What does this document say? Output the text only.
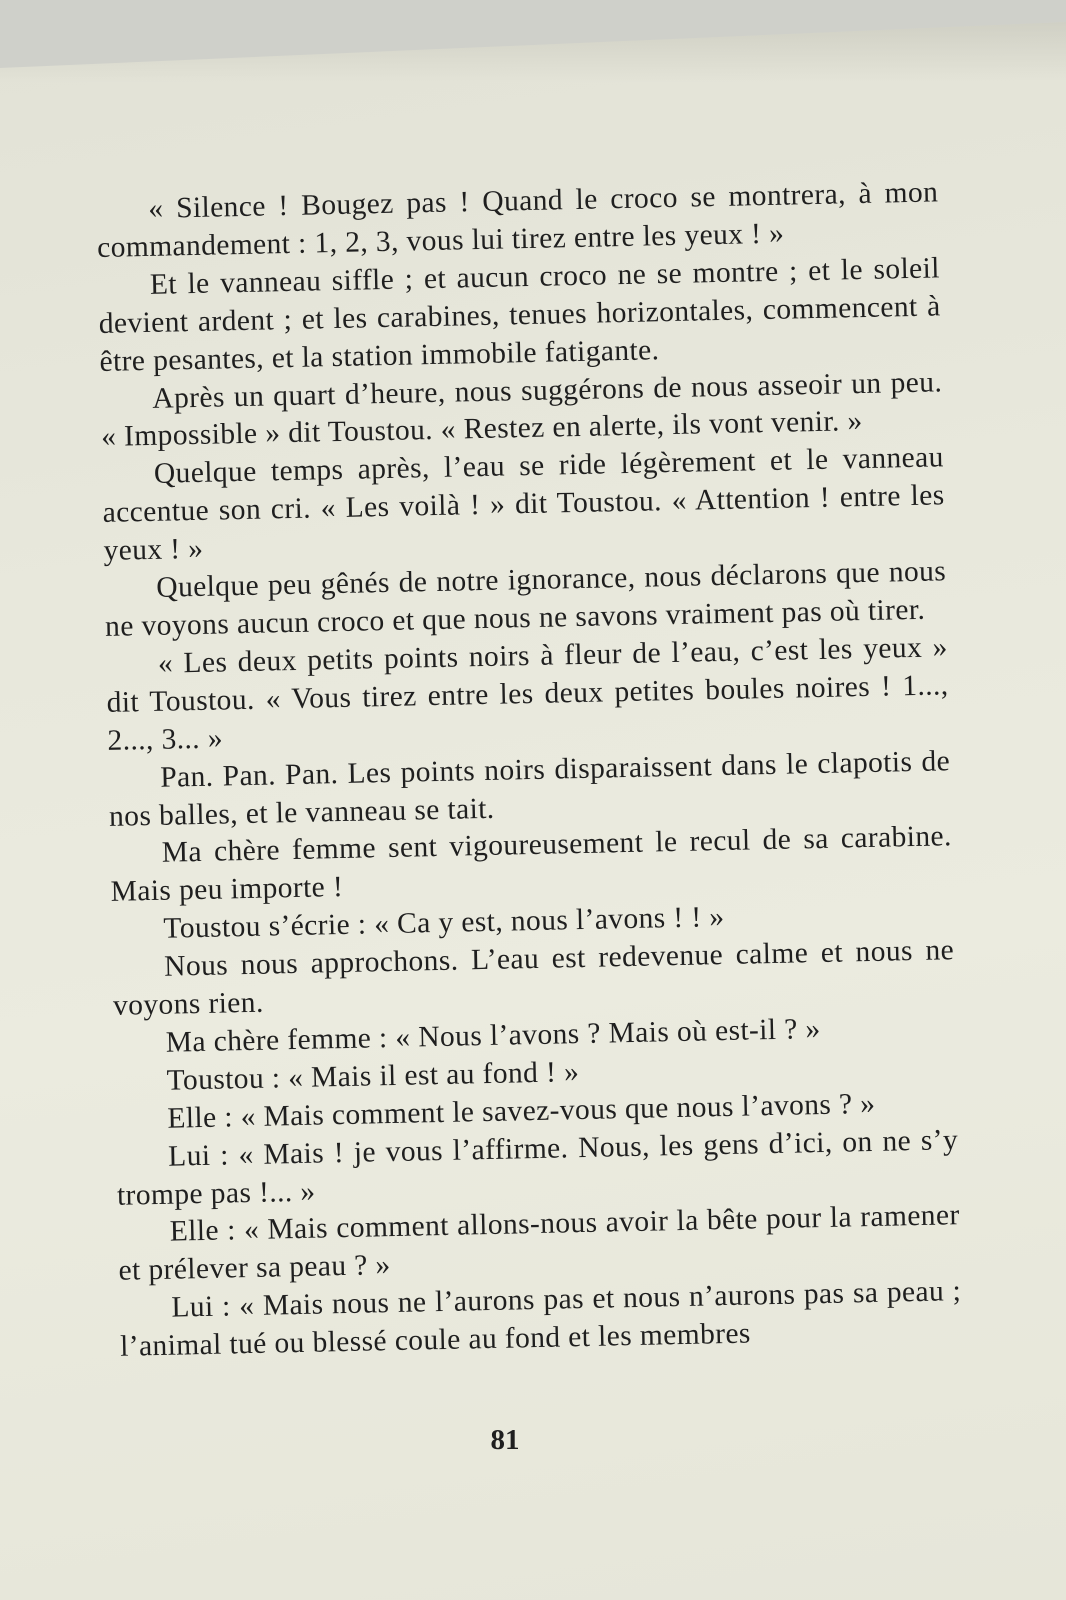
« Silence ! Bougez pas ! Quand le croco se montrera, à mon commandement : 1, 2, 3, vous lui tirez entre les yeux ! »

Et le vanneau siffle ; et aucun croco ne se montre ; et le soleil devient ardent ; et les carabines, tenues horizontales, commencent à être pesantes, et la station immobile fatigante.

Après un quart d’heure, nous suggérons de nous asseoir un peu. « Impossible » dit Toustou. « Restez en alerte, ils vont venir. »

Quelque temps après, l’eau se ride légèrement et le vanneau accentue son cri. « Les voilà ! » dit Toustou. « Attention ! entre les yeux ! »

Quelque peu gênés de notre ignorance, nous déclarons que nous ne voyons aucun croco et que nous ne savons vraiment pas où tirer.

« Les deux petits points noirs à fleur de l’eau, c’est les yeux » dit Toustou. « Vous tirez entre les deux petites boules noires ! 1..., 2..., 3... »

Pan. Pan. Pan. Les points noirs disparaissent dans le clapotis de nos balles, et le vanneau se tait.

Ma chère femme sent vigoureusement le recul de sa carabine. Mais peu importe !

Toustou s’écrie : « Ca y est, nous l’avons ! ! »

Nous nous approchons. L’eau est redevenue calme et nous ne voyons rien.

Ma chère femme : « Nous l’avons ? Mais où est-il ? »

Toustou : « Mais il est au fond ! »

Elle : « Mais comment le savez-vous que nous l’avons ? »

Lui : « Mais ! je vous l’affirme. Nous, les gens d’ici, on ne s’y trompe pas !... »

Elle : « Mais comment allons-nous avoir la bête pour la ramener et prélever sa peau ? »

Lui : « Mais nous ne l’aurons pas et nous n’aurons pas sa peau ; l’animal tué ou blessé coule au fond et les membres

81
